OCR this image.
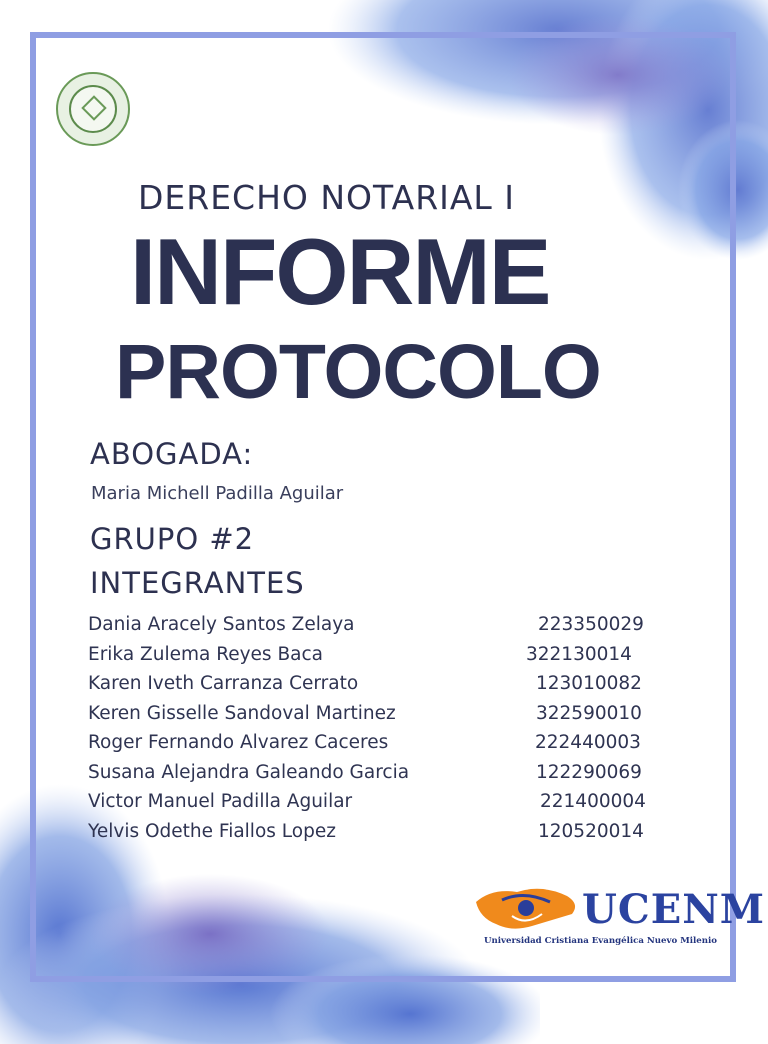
DERECHO NOTARIAL I
INFORME
PROTOCOLO
ABOGADA:
Maria Michell Padilla Aguilar
GRUPO #2
INTEGRANTES
Dania Aracely Santos Zelaya	223350029
Erika Zulema Reyes Baca	322130014
Karen Iveth Carranza Cerrato	123010082
Keren Gisselle Sandoval Martinez	322590010
Roger Fernando Alvarez Caceres	222440003
Susana Alejandra Galeando Garcia	122290069
Victor Manuel Padilla Aguilar	221400004
Yelvis Odethe Fiallos Lopez	120520014
UCENM
Universidad Cristiana Evangélica Nuevo Milenio
